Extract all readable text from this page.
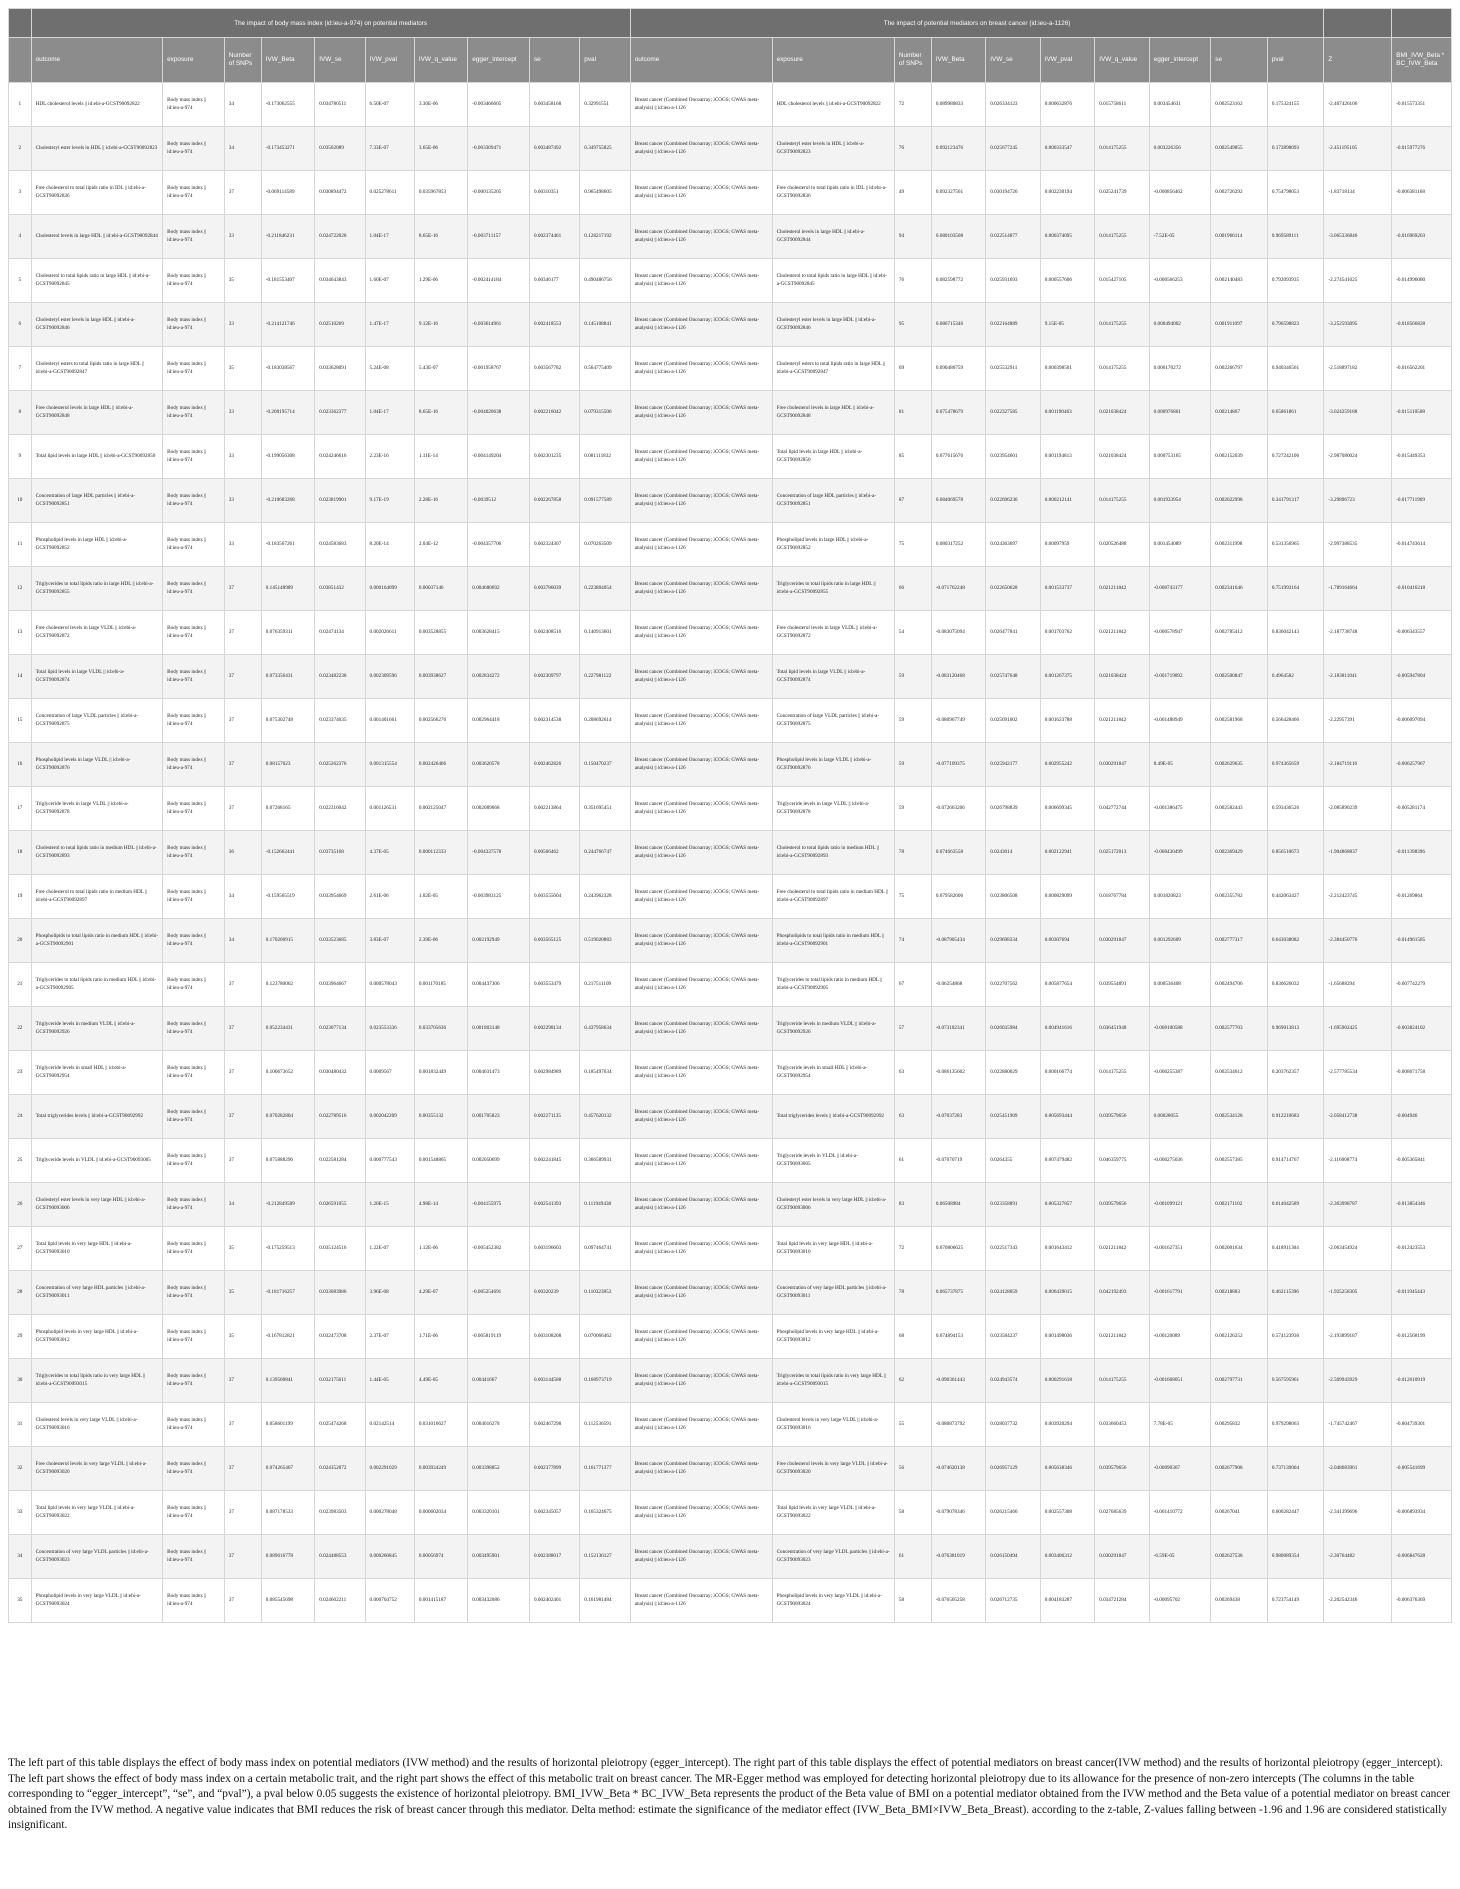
	The impact of body mass index (id:ieu-a-974) on potential mediators										The impact of potential mediators on breast cancer (id:ieu-a-1126)											
	outcome	exposure	Number of SNPs	IVW_Beta	IVW_se	IVW_pval	IVW_q_value	egger_intercept	se	pval	outcome	exposure	Number of SNPs	IVW_Beta	IVW_se	IVW_pval	IVW_q_value	egger_intercept	se	pval	Z	BMI_IVW_Beta * BC_IVW_Beta
1	HDL cholesterol levels || id:ebi-a-GCST90092822	Body mass index || id:ieu-a-974	34	-0.173062555	0.034780511	6.50E-07	3.30E-06	-0.003466605	0.003458168	0.32991551	Breast cancer (Combined Oncoarray; iCOGS; GWAS meta-analysis) || id:ieu-a-1126	HDL cholesterol levels || id:ebi-a-GCST90092822	72	0.089980833	0.026334123	0.000632876	0.015758611	0.003454631	0.002523162	0.175324155	-2.407426106	-0.015573351
2	Cholesteryl ester levels in HDL || id:ebi-a-GCST90092823	Body mass index || id:ieu-a-974	34	-0.173453271	0.03502089	7.33E-07	3.65E-06	-0.003309471	0.003487492	0.349755825	Breast cancer (Combined Oncoarray; iCOGS; GWAS meta-analysis) || id:ieu-a-1126	Cholesteryl ester levels in HDL || id:ebi-a-GCST90092823	76	0.092123476	0.025677245	0.000333547	0.014175255	0.003226356	0.002549855	0.173898093	-2.451195105	-0.015977276
3	Free cholesterol to total lipids ratio in IDL || id:ebi-a-GCST90092836	Body mass index || id:ieu-a-974	37	-0.069114589	0.030894472	0.025278611	0.035967853	-0.000135205	0.00310351	0.965498605	Breast cancer (Combined Oncoarray; iCOGS; GWAS meta-analysis) || id:ieu-a-1126	Free cholesterol to total lipids ratio in IDL || id:ebi-a-GCST90092836	49	0.092327561	0.030194726	0.002230194	0.025241739	-0.000856462	0.002726292	0.754798053	-1.83718134	-0.006381168
4	Cholesterol levels in large HDL || id:ebi-a-GCST90092844	Body mass index || id:ieu-a-974	33	-0.211846231	0.024722028	1.04E-17	8.65E-16	-0.003711157	0.002374461	0.128217192	Breast cancer (Combined Oncoarray; iCOGS; GWAS meta-analysis) || id:ieu-a-1126	Cholesterol levels in large HDL || id:ebi-a-GCST90092844	94	0.080103508	0.022514877	0.000374095	0.014175255	-7.52E-05	0.001966114	0.969589111	-3.065336846	-0.016969203
5	Cholesterol to total lipids ratio in large HDL || id:ebi-a-GCST90092845	Body mass index || id:ieu-a-974	35	-0.181553407	0.034643843	1.60E-07	1.29E-06	-0.002414184	0.00346177	0.490486756	Breast cancer (Combined Oncoarray; iCOGS; GWAS meta-analysis) || id:ieu-a-1126	Cholesterol to total lipids ratio in large HDL || id:ebi-a-GCST90092845	76	0.082598772	0.025931693	0.000557606	0.015427105	-0.000566253	0.002140483	0.792093935	-2.274541025	-0.014996080
6	Cholesteryl ester levels in large HDL || id:ebi-a-GCST90092846	Body mass index || id:ieu-a-974	33	-0.214121746	0.02510269	1.47E-17	9.12E-16	-0.003614961	0.002418553	0.145108841	Breast cancer (Combined Oncoarray; iCOGS; GWAS meta-analysis) || id:ieu-a-1126	Cholesteryl ester levels in large HDL || id:ebi-a-GCST90092846	95	0.086715346	0.022164889	9.15E-05	0.014175255	0.000494002	0.001911097	0.796598823	-3.252593095	-0.018566828
7	Cholesteryl esters to total lipids ratio in large HDL || id:ebi-a-GCST90092847	Body mass index || id:ieu-a-974	35	-0.183038567	0.033628091	5.24E-08	5.43E-07	-0.001958767	0.003567782	0.564775409	Breast cancer (Combined Oncoarray; iCOGS; GWAS meta-analysis) || id:ieu-a-1126	Cholesteryl esters to total lipids ratio in large HDL || id:ebi-a-GCST90092847	69	0.090486759	0.025532911	0.000398501	0.014175255	0.000170272	0.002266797	0.940346561	-2.518897182	-0.016562201
8	Free cholesterol levels in large HDL || id:ebi-a-GCST90092848	Body mass index || id:ieu-a-974	33	-0.200195714	0.023362377	1.04E-17	8.65E-16	-0.004020638	0.002216042	0.079315506	Breast cancer (Combined Oncoarray; iCOGS; GWAS meta-analysis) || id:ieu-a-1126	Free cholesterol levels in large HDL || id:ebi-a-GCST90092848	81	0.075478679	0.022327585	0.001190463	0.021038424	0.000976861	0.00214867	0.65861861	-3.024259188	-0.015110508
9	Total lipid levels in large HDL || id:ebi-a-GCST90092850	Body mass index || id:ieu-a-974	33	-0.199056308	0.024246616	2.23E-16	1.11E-14	-0.004149204	0.002301235	0.081111832	Breast cancer (Combined Oncoarray; iCOGS; GWAS meta-analysis) || id:ieu-a-1126	Total lipid levels in large HDL || id:ebi-a-GCST90092850	85	0.077615676	0.023954601	0.001194813	0.021038424	0.000753165	0.002152039	0.727242106	-2.987080024	-0.015449353
10	Concentration of large HDL particles || id:ebi-a-GCST90092851	Body mass index || id:ieu-a-974	33	-0.210683268	0.023819901	9.17E-19	2.28E-16	-0.0039512	0.002267858	0.091577589	Breast cancer (Combined Oncoarray; iCOGS; GWAS meta-analysis) || id:ieu-a-1126	Concentration of large HDL particles || id:ebi-a-GCST90092851	87	0.084069578	0.022696236	0.000212141	0.014175255	0.001933954	0.002022998	0.341791317	-3.29896723	-0.017711969
11	Phospholipid levels in large HDL || id:ebi-a-GCST90092852	Body mass index || id:ieu-a-974	33	-0.183567261	0.024583683	8.20E-14	2.04E-12	-0.004357706	0.002324307	0.070263509	Breast cancer (Combined Oncoarray; iCOGS; GWAS meta-analysis) || id:ieu-a-1126	Phospholipid levels in large HDL || id:ebi-a-GCST90092852	75	0.080317252	0.024363697	0.00097959	0.020526488	0.001454089	0.002311998	0.531356965	-2.997388535	-0.014743614
12	Triglycerides to total lipids ratio in large HDL || id:ebi-a-GCST90092855	Body mass index || id:ieu-a-974	37	0.145148989	0.03851432	0.000164099	0.00037146	0.004680692	0.003786039	0.223804054	Breast cancer (Combined Oncoarray; iCOGS; GWAS meta-analysis) || id:ieu-a-1126	Triglycerides to total lipids ratio in large HDL || id:ebi-a-GCST90092855	66	-0.071762248	0.022650628	0.001533737	0.021211842	-0.000743177	0.002341646	0.751993164	-1.789164664	-0.010416218
13	Free cholesterol levels in large VLDL || id:ebi-a-GCST90092872	Body mass index || id:ieu-a-974	37	0.076359311	0.02474134	0.002026611	0.003528855	0.003628415	0.002408516	0.140913601	Breast cancer (Combined Oncoarray; iCOGS; GWAS meta-analysis) || id:ieu-a-1126	Free cholesterol levels in large VLDL || id:ebi-a-GCST90092872	54	-0.083075094	0.026477841	0.001703762	0.021211842	-0.000578947	0.002785412	0.836042143	-2.187738748	-0.006343557
14	Total lipid levels in large VLDL || id:ebi-a-GCST90092874	Body mass index || id:ieu-a-974	37	0.073356431	0.023482238	0.002309596	0.003938627	0.002834272	0.002309797	0.227981122	Breast cancer (Combined Oncoarray; iCOGS; GWAS meta-analysis) || id:ieu-a-1126	Total lipid levels in large VLDL || id:ebi-a-GCST90092874	59	-0.083120468	0.025747648	0.001267375	0.021038424	-0.001719892	0.002500847	0.4964582	-2.183811041	-0.005947804
15	Concentration of large VLDL particles || id:ebi-a-GCST90092875	Body mass index || id:ieu-a-974	37	0.075302748	0.023374035	0.001401661	0.002566276	0.002964418	0.002314538	0.208692614	Breast cancer (Combined Oncoarray; iCOGS; GWAS meta-analysis) || id:ieu-a-1126	Concentration of large VLDL particles || id:ebi-a-GCST90092875	59	-0.080967749	0.025691002	0.001623788	0.021211842	-0.001488949	0.002581968	0.566428466	-2.22957391	-0.006097094
16	Phospholipid levels in large VLDL || id:ebi-a-GCST90092876	Body mass index || id:ieu-a-974	37	0.08157023	0.025262376	0.001315554	0.002426466	0.003620578	0.002462826	0.150470237	Breast cancer (Combined Oncoarray; iCOGS; GWAS meta-analysis) || id:ieu-a-1126	Phospholipid levels in large VLDL || id:ebi-a-GCST90092876	59	-0.077109375	0.025942177	0.002955242	0.030291847	8.49E-05	0.002629635	0.974365659	-2.184719116	-0.006257967
17	Triglyceride levels in large VLDL || id:ebi-a-GCST90092878	Body mass index || id:ieu-a-974	37	0.07268165	0.022316042	0.001126531	0.002125047	0.002089668	0.002213864	0.351695451	Breast cancer (Combined Oncoarray; iCOGS; GWAS meta-analysis) || id:ieu-a-1126	Triglyceride levels in large VLDL || id:ebi-a-GCST90092878	59	-0.072663206	0.026798839	0.006699345	0.042772744	-0.001386475	0.002582443	0.593436526	-2.085890239	-0.005281174
18	Cholesterol to total lipids ratio in medium HDL || id:ebi-a-GCST90092893	Body mass index || id:ieu-a-974	36	-0.152662441	0.03735168	4.37E-05	0.000112333	-0.004337578	0.00566462	0.244766747	Breast cancer (Combined Oncoarray; iCOGS; GWAS meta-analysis) || id:ieu-a-1126	Cholesterol to total lipids ratio in medium HDL || id:ebi-a-GCST90092893	78	0.074663558	0.0243014	0.002122941	0.025172013	-0.000430499	0.002369429	0.856510673	-1.904868837	-0.011398396
19	Free cholesterol to total lipids ratio in medium HDL || id:ebi-a-GCST90092897	Body mass index || id:ieu-a-974	34	-0.159565519	0.033954669	2.61E-06	1.02E-05	-0.003983125	0.003555604	0.243962328	Breast cancer (Combined Oncoarray; iCOGS; GWAS meta-analysis) || id:ieu-a-1126	Free cholesterol to total lipids ratio in medium HDL || id:ebi-a-GCST90092897	75	0.079582606	0.023806508	0.000829099	0.018767784	0.001820823	0.002355782	0.442063427	-2.212423745	-0.01269864
20	Phospholipids to total lipids ratio in medium HDL || id:ebi-a-GCST90092901	Body mass index || id:ieu-a-974	34	0.170200915	0.033523685	3.83E-07	2.39E-06	0.002192949	0.003565125	0.519020883	Breast cancer (Combined Oncoarray; iCOGS; GWAS meta-analysis) || id:ieu-a-1126	Phospholipids to total lipids ratio in medium HDL || id:ebi-a-GCST90092901	74	-0.087905434	0.029698334	0.00307694	0.030291847	0.001292609	0.002777317	0.643038082	-2.384450776	-0.014961585
21	Triglycerides to total lipids ratio in medium HDL || id:ebi-a-GCST90092905	Body mass index || id:ieu-a-974	37	0.123780062	0.033964667	0.000578043	0.001170185	0.004437306	0.003553479	0.217511109	Breast cancer (Combined Oncoarray; iCOGS; GWAS meta-analysis) || id:ieu-a-1126	Triglycerides to total lipids ratio in medium HDL || id:ebi-a-GCST90092905	67	-0.06254868	0.022707562	0.005877654	0.039554891	0.000536408	0.002494706	0.830626032	-1.65688294	-0.007742279
22	Triglyceride levels in medium VLDL || id:ebi-a-GCST90092926	Body mass index || id:ieu-a-974	37	0.052234431	0.023077134	0.023553336	0.033705636	0.001803148	0.002298134	0.437958634	Breast cancer (Combined Oncoarray; iCOGS; GWAS meta-analysis) || id:ieu-a-1126	Triglyceride levels in medium VLDL || id:ebi-a-GCST90092926	57	-0.073182341	0.026035984	0.004941616	0.036451948	-0.000100588	0.002577703	0.969013813	-1.695902425	-0.003824102
23	Triglyceride levels in small HDL || id:ebi-a-GCST90092954	Body mass index || id:ieu-a-974	37	0.100673652	0.030480432	0.0009567	0.001832449	0.004031473	0.002984989	0.185497634	Breast cancer (Combined Oncoarray; iCOGS; GWAS meta-analysis) || id:ieu-a-1126	Triglyceride levels in small HDL || id:ebi-a-GCST90092954	63	-0.086135602	0.022880029	0.000166774	0.014175255	-0.000255387	0.002534612	0.203762357	-2.577785534	-0.008671758
24	Total triglycerides levels || id:ebi-a-GCST90092992	Body mass index || id:ieu-a-974	37	0.070282804	0.022789516	0.002042209	0.00355132	0.001705823	0.002271135	0.457620132	Breast cancer (Combined Oncoarray; iCOGS; GWAS meta-analysis) || id:ieu-a-1126	Total triglycerides levels || id:ebi-a-GCST90092992	63	-0.07037283	0.025451909	0.005693444	0.039579656	0.00028055	0.002534128	0.912210683	-2.058412738	-0.004946
25	Triglyceride levels in VLDL || id:ebi-a-GCST90093005	Body mass index || id:ieu-a-974	37	0.075888296	0.022581284	0.000777543	0.001548865	0.002050699	0.002241845	0.366589931	Breast cancer (Combined Oncoarray; iCOGS; GWAS meta-analysis) || id:ieu-a-1126	Triglyceride levels in VLDL || id:ebi-a-GCST90093005	61	-0.07070719	0.0264355	0.007479482	0.046359775	-0.000275036	0.002557385	0.914714767	-2.116008774	-0.005365841
26	Cholesteryl ester levels in very large HDL || id:ebi-a-GCST90093006	Body mass index || id:ieu-a-974	34	-0.212849589	0.026591055	1.20E-15	4.98E-14	-0.004155975	0.002541393	0.111949438	Breast cancer (Combined Oncoarray; iCOGS; GWAS meta-analysis) || id:ieu-a-1126	Cholesteryl ester levels in very large HDL || id:ebi-a-GCST90093006	83	0.06508984	0.023358891	0.005327857	0.039579656	-0.001099121	0.002171102	0.614042589	-2.363998787	-0.013854346
27	Total lipid levels in very large HDL || id:ebi-a-GCST90093010	Body mass index || id:ieu-a-974	35	-0.175259513	0.035124516	1.22E-07	1.12E-06	-0.005452382	0.003196603	0.097464741	Breast cancer (Combined Oncoarray; iCOGS; GWAS meta-analysis) || id:ieu-a-1126	Total lipid levels in very large HDL || id:ebi-a-GCST90093010	72	0.070806625	0.022517343	0.001643412	0.021211842	-0.001627351	0.002001634	0.418911304	-2.063454924	-0.012423553
28	Concentration of very large HDL particles || id:ebi-a-GCST90093011	Body mass index || id:ieu-a-974	35	-0.181716257	0.033083986	3.96E-08	4.29E-07	-0.005254691	0.00320239	0.110323853	Breast cancer (Combined Oncoarray; iCOGS; GWAS meta-analysis) || id:ieu-a-1126	Concentration of very large HDL particles || id:ebi-a-GCST90093011	78	0.065737875	0.024128059	0.006439015	0.042192493	-0.001617791	0.00218883	0.462115396	-1.925258305	-0.011945443
29	Phospholipid levels in very large HDL || id:ebi-a-GCST90093012	Body mass index || id:ieu-a-974	35	-0.167812821	0.032473708	2.37E-07	1.71E-06	-0.005819119	0.003108208	0.070066462	Breast cancer (Combined Oncoarray; iCOGS; GWAS meta-analysis) || id:ieu-a-1126	Phospholipid levels in very large HDL || id:ebi-a-GCST90093012	68	0.074894153	0.023584237	0.001498036	0.021211842	-0.00120089	0.002126252	0.574123936	-2.193899187	-0.012568199
30	Triglycerides to total lipids ratio in very large HDL || id:ebi-a-GCST90093015	Body mass index || id:ieu-a-974	37	0.139560841	0.032175611	1.44E-05	4.49E-05	0.00441667	0.003144588	0.168973719	Breast cancer (Combined Oncoarray; iCOGS; GWAS meta-analysis) || id:ieu-a-1126	Triglycerides to total lipids ratio in very large HDL || id:ebi-a-GCST90093015	62	-0.090361443	0.024943574	0.000291618	0.014175255	-0.001608051	0.002797731	0.567595961	-2.509943929	-0.012610919
31	Cholesterol levels in very large VLDL || id:ebi-a-GCST90093016	Body mass index || id:ieu-a-974	37	0.058601199	0.025474268	0.02142514	0.031016627	0.004016278	0.002467298	0.112536591	Breast cancer (Combined Oncoarray; iCOGS; GWAS meta-analysis) || id:ieu-a-1126	Cholesterol levels in very large VLDL || id:ebi-a-GCST90093016	55	-0.080873792	0.028037732	0.003920294	0.033660453	7.78E-05	0.00295832	0.979298063	-1.745742467	-0.004739301
32	Free cholesterol levels in very large VLDL || id:ebi-a-GCST90093020	Body mass index || id:ieu-a-974	37	0.074265467	0.024352072	0.002291029	0.003934249	0.003398852	0.002377899	0.161771377	Breast cancer (Combined Oncoarray; iCOGS; GWAS meta-analysis) || id:ieu-a-1126	Free cholesterol levels in very large VLDL || id:ebi-a-GCST90093020	56	-0.074620138	0.026957129	0.005638346	0.039579656	-0.00090367	0.002677908	0.737139004	-2.048683961	-0.005541699
33	Total lipid levels in very large VLDL || id:ebi-a-GCST90093022	Body mass index || id:ieu-a-974	37	0.087178533	0.023983503	0.000278048	0.000602034	0.003320101	0.002345057	0.165324675	Breast cancer (Combined Oncoarray; iCOGS; GWAS meta-analysis) || id:ieu-a-1126	Total lipid levels in very large VLDL || id:ebi-a-GCST90093022	58	-0.079078346	0.026215466	0.002557308	0.027685639	-0.001410772	0.00267041	0.600282447	-2.341399696	-0.006893934
34	Concentration of very large VLDL particles || id:ebi-a-GCST90093023	Body mass index || id:ieu-a-974	37	0.089616778	0.024488553	0.000260845	0.00056974	0.003495901	0.002388017	0.152136127	Breast cancer (Combined Oncoarray; iCOGS; GWAS meta-analysis) || id:ieu-a-1126	Concentration of very large VLDL particles || id:ebi-a-GCST90093023	61	-0.076381019	0.026150494	0.003406312	0.030291847	-6.59E-05	0.002627538	0.980089354	-2.30764482	-0.006847628
35	Phospholipid levels in very large VLDL || id:ebi-a-GCST90093024	Body mass index || id:ieu-a-974	37	0.085545698	0.024602211	0.000704752	0.001415187	0.003432086	0.002402401	0.161981484	Breast cancer (Combined Oncoarray; iCOGS; GWAS meta-analysis) || id:ieu-a-1126	Phospholipid levels in very large VLDL || id:ebi-a-GCST90093024	58	-0.076505258	0.026712735	0.004183287	0.034721284	-0.00095702	0.00269438	0.723754149	-2.202542346	-0.006376369
The left part of this table displays the effect of body mass index on potential mediators (IVW method) and the results of horizontal pleiotropy (egger_intercept). The right part of this table displays the effect of potential mediators on breast cancer(IVW method) and the results of horizontal pleiotropy (egger_intercept). The left part shows the effect of body mass index on a certain metabolic trait, and the right part shows the effect of this metabolic trait on breast cancer. The MR-Egger method was employed for detecting horizontal pleiotropy due to its allowance for the presence of non-zero intercepts (The columns in the table corresponding to “egger_intercept”, “se”, and “pval”), a pval below 0.05 suggests the existence of horizontal pleiotropy. BMI_IVW_Beta * BC_IVW_Beta represents the product of the Beta value of BMI on a potential mediator obtained from the IVW method and the Beta value of a potential mediator on breast cancer obtained from the IVW method. A negative value indicates that BMI reduces the risk of breast cancer through this mediator. Delta method: estimate the significance of the mediator effect (IVW_Beta_BMI×IVW_Beta_Breast). according to the z-table, Z-values falling between -1.96 and 1.96 are considered statistically insignificant.
